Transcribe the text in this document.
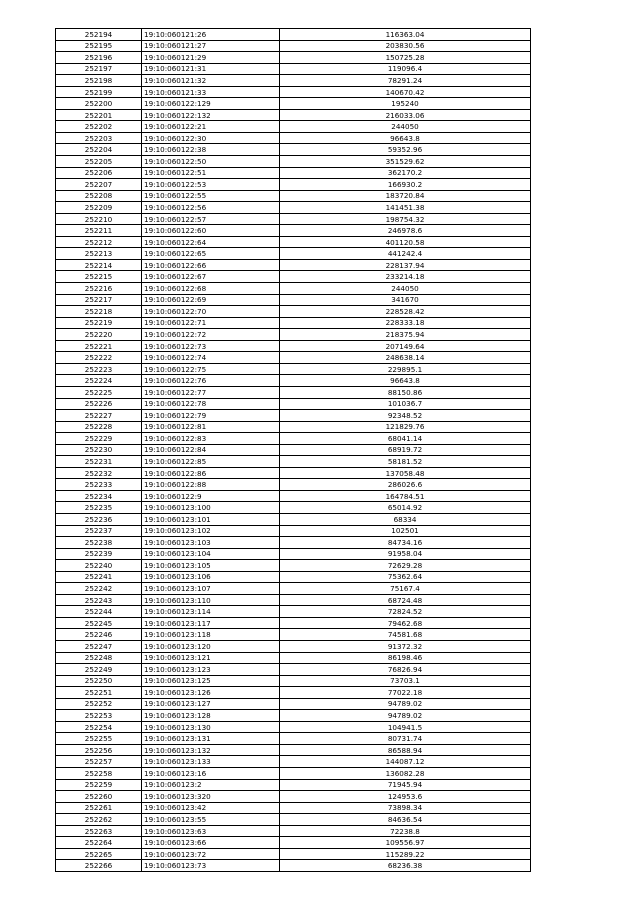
252194	19:10:060121:26	116363.04
252195	19:10:060121:27	203830.56
252196	19:10:060121:29	150725.28
252197	19:10:060121:31	119096.4
252198	19:10:060121:32	78291.24
252199	19:10:060121:33	140670.42
252200	19:10:060122:129	195240
252201	19:10:060122:132	216033.06
252202	19:10:060122:21	244050
252203	19:10:060122:30	96643.8
252204	19:10:060122:38	59352.96
252205	19:10:060122:50	351529.62
252206	19:10:060122:51	362170.2
252207	19:10:060122:53	166930.2
252208	19:10:060122:55	183720.84
252209	19:10:060122:56	141451.38
252210	19:10:060122:57	198754.32
252211	19:10:060122:60	246978.6
252212	19:10:060122:64	401120.58
252213	19:10:060122:65	441242.4
252214	19:10:060122:66	228137.94
252215	19:10:060122:67	233214.18
252216	19:10:060122:68	244050
252217	19:10:060122:69	341670
252218	19:10:060122:70	228528.42
252219	19:10:060122:71	228333.18
252220	19:10:060122:72	218375.94
252221	19:10:060122:73	207149.64
252222	19:10:060122:74	248638.14
252223	19:10:060122:75	229895.1
252224	19:10:060122:76	96643.8
252225	19:10:060122:77	88150.86
252226	19:10:060122:78	101036.7
252227	19:10:060122:79	92348.52
252228	19:10:060122:81	121829.76
252229	19:10:060122:83	68041.14
252230	19:10:060122:84	68919.72
252231	19:10:060122:85	58181.52
252232	19:10:060122:86	137058.48
252233	19:10:060122:88	286026.6
252234	19:10:060122:9	164784.51
252235	19:10:060123:100	65014.92
252236	19:10:060123:101	68334
252237	19:10:060123:102	102501
252238	19:10:060123:103	84734.16
252239	19:10:060123:104	91958.04
252240	19:10:060123:105	72629.28
252241	19:10:060123:106	75362.64
252242	19:10:060123:107	75167.4
252243	19:10:060123:110	68724.48
252244	19:10:060123:114	72824.52
252245	19:10:060123:117	79462.68
252246	19:10:060123:118	74581.68
252247	19:10:060123:120	91372.32
252248	19:10:060123:121	86198.46
252249	19:10:060123:123	76826.94
252250	19:10:060123:125	73703.1
252251	19:10:060123:126	77022.18
252252	19:10:060123:127	94789.02
252253	19:10:060123:128	94789.02
252254	19:10:060123:130	104941.5
252255	19:10:060123:131	80731.74
252256	19:10:060123:132	86588.94
252257	19:10:060123:133	144087.12
252258	19:10:060123:16	136082.28
252259	19:10:060123:2	71945.94
252260	19:10:060123:320	124953.6
252261	19:10:060123:42	73898.34
252262	19:10:060123:55	84636.54
252263	19:10:060123:63	72238.8
252264	19:10:060123:66	109556.97
252265	19:10:060123:72	115289.22
252266	19:10:060123:73	68236.38
